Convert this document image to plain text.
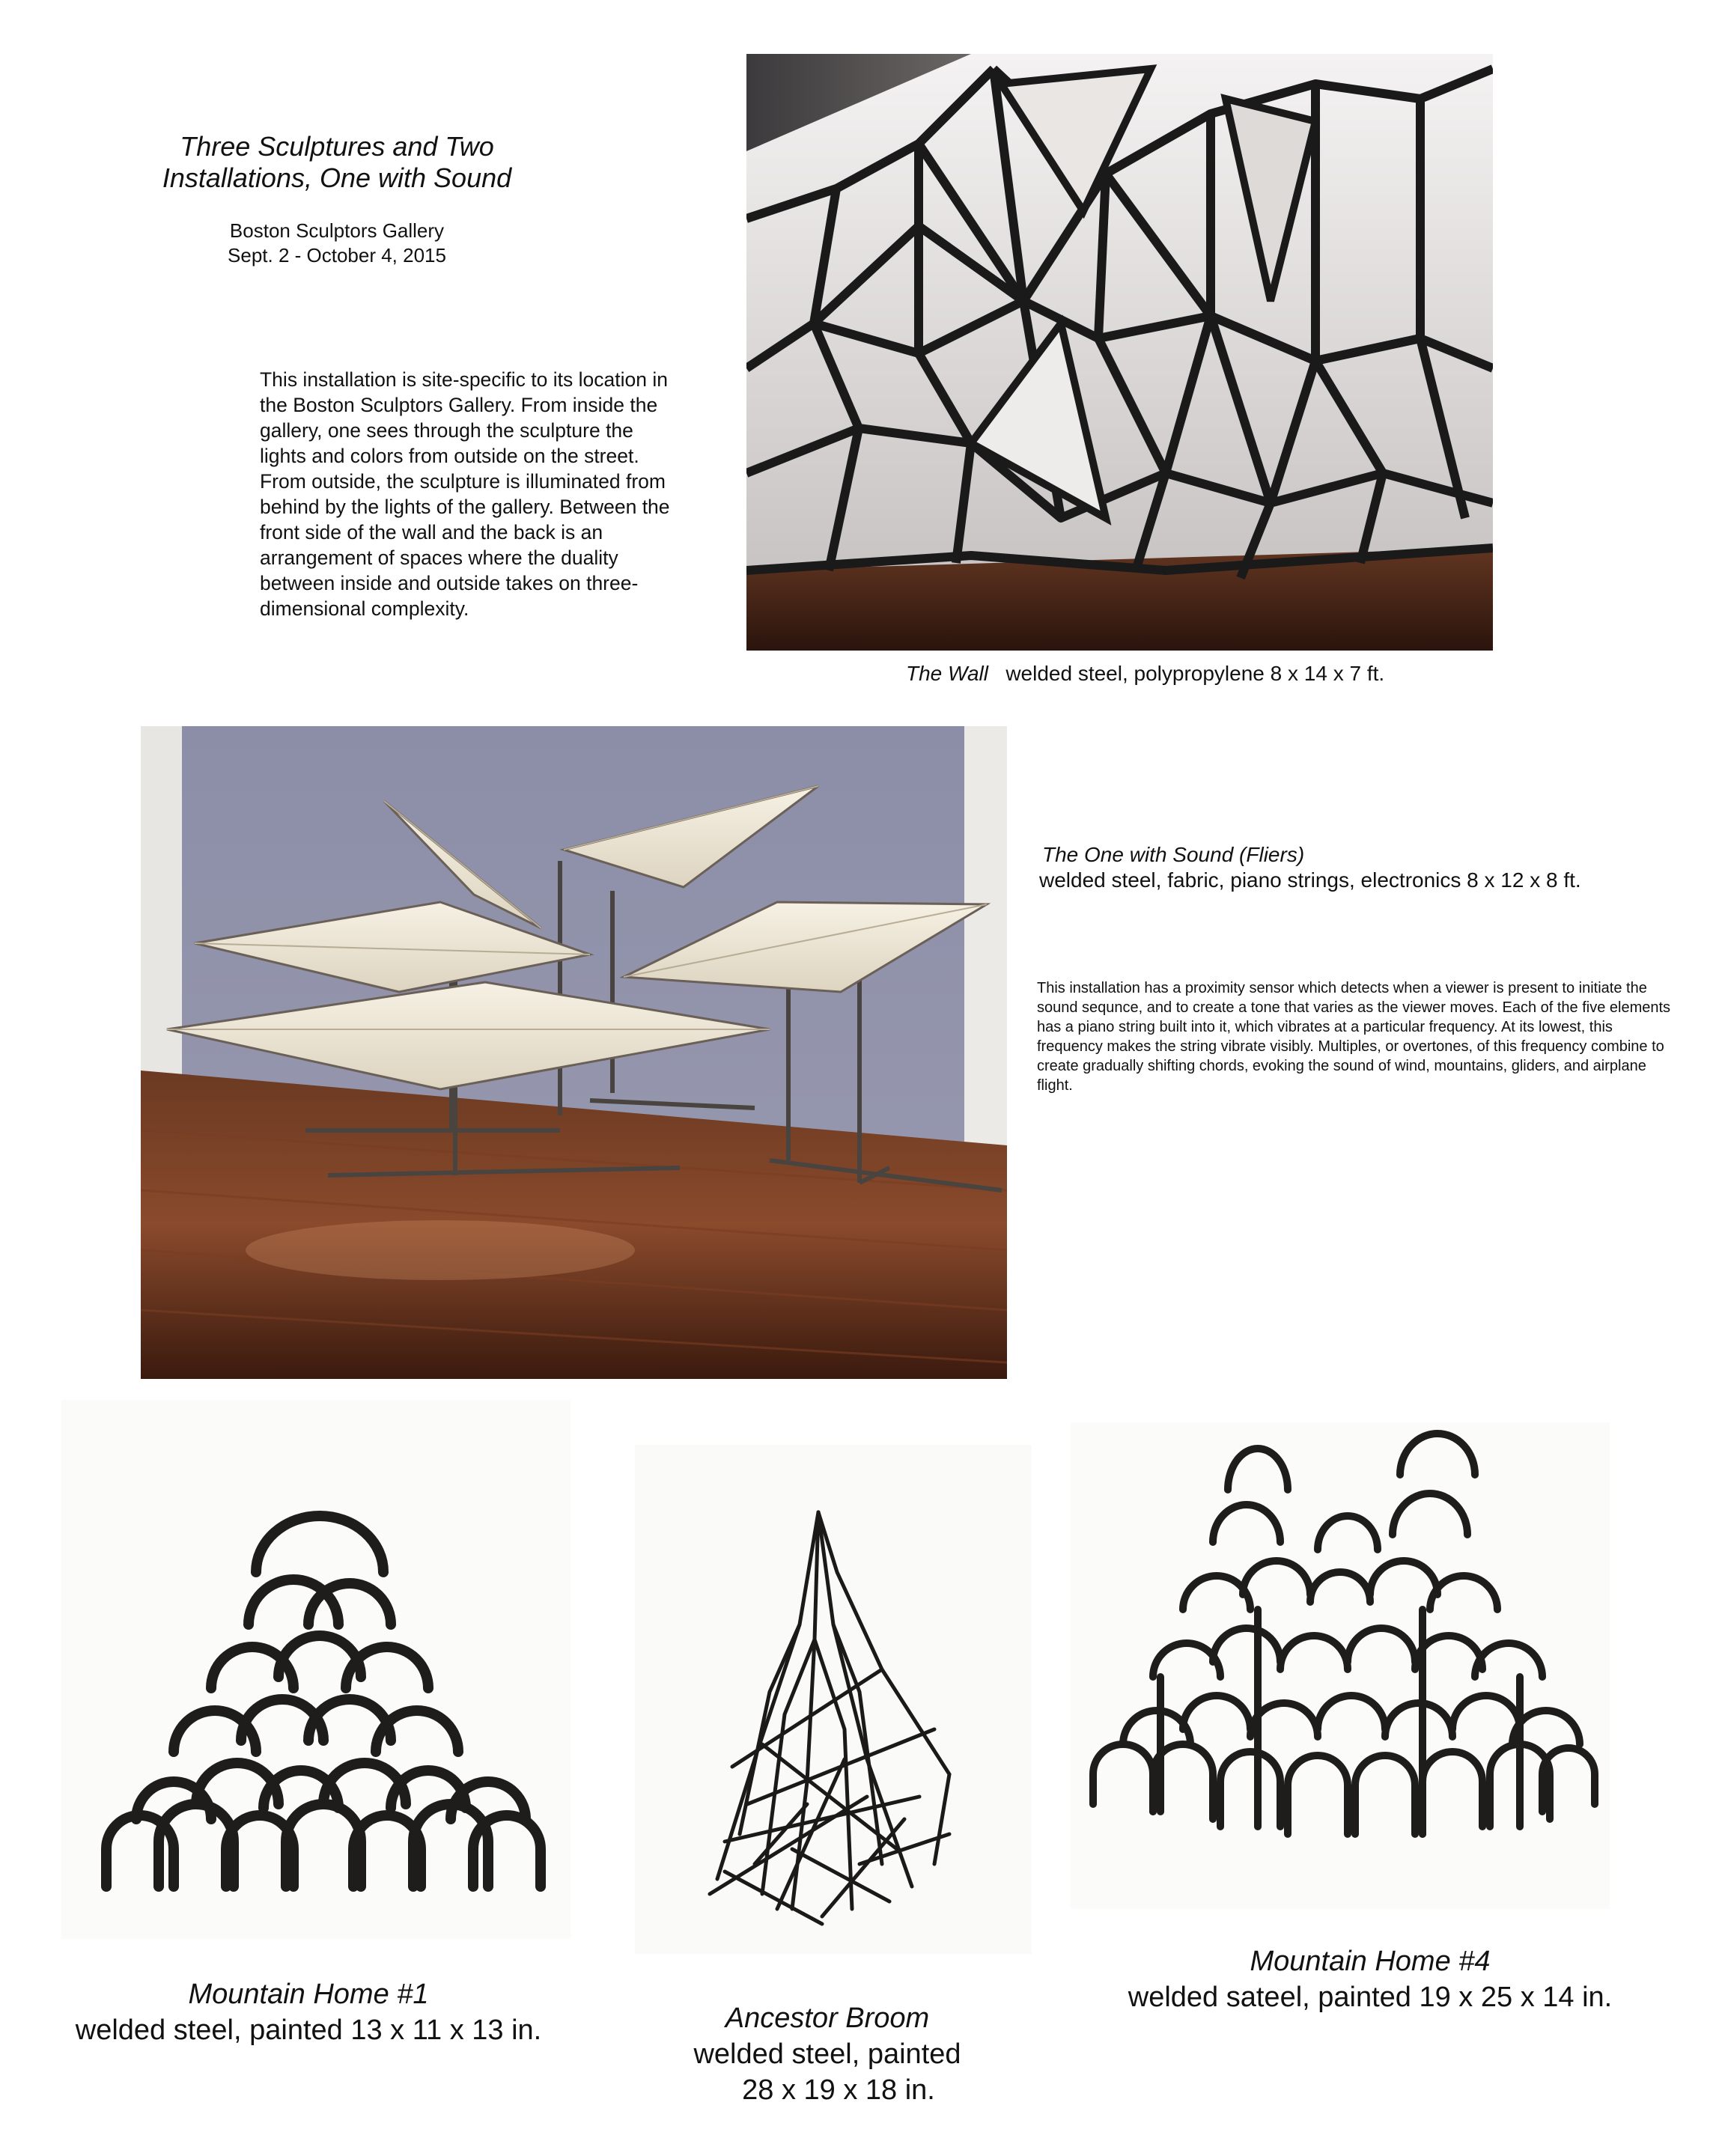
Three Sculptures and Two
Installations, One with Sound
Boston Sculptors Gallery
Sept. 2 - October 4, 2015
This installation is site-specific to its location in the Boston Sculptors Gallery. From inside the gallery, one sees through the sculpture the lights and colors from outside on the street. From outside, the sculpture is illuminated from behind by the lights of the gallery. Between the front side of the wall and the back is an arrangement of spaces where the duality between inside and outside takes on three-dimensional complexity.
The Wall welded steel, polypropylene 8 x 14 x 7 ft.
The One with Sound (Fliers)
welded steel, fabric, piano strings, electronics 8 x 12 x 8 ft.
This installation has a proximity sensor which detects when a viewer is present to initiate the sound sequnce, and to create a tone that varies as the viewer moves. Each of the five elements has a piano string built into it, which vibrates at a particular frequency. At its lowest, this frequency makes the string vibrate visibly. Multiples, or overtones, of this frequency combine to create gradually shifting chords, evoking the sound of wind, mountains, gliders, and airplane flight.
Mountain Home #1
welded steel, painted 13 x 11 x 13 in.	Ancestor Broom
welded steel, painted
28 x 19 x 18 in.
Mountain Home #4
welded sateel, painted 19 x 25 x 14 in.
